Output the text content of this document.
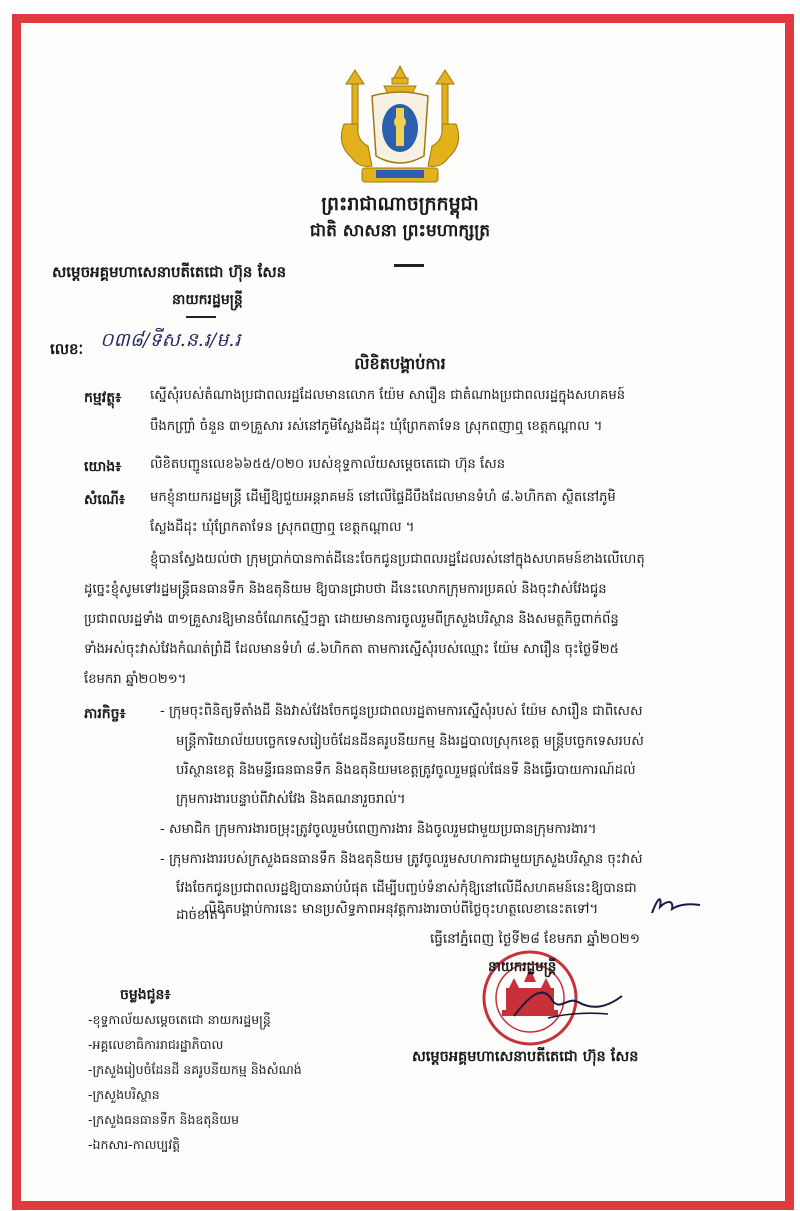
ព្រះរាជាណាចក្រកម្ពុជា
ជាតិ សាសនា ព្រះមហាក្សត្រ
សម្តេចអគ្គមហាសេនាបតីតេជោ ហ៊ុន សែន
នាយករដ្ឋមន្ត្រី
លេខៈ ០៣៨/ទីស.ន.រ/ម.រ
លិខិតបង្គាប់ការ
កម្មវត្ថុ៖ ស្នើសុំរបស់តំណាងប្រជាពលរដ្ឋដែលមានលោក យ៉ែម សារឿន ជាតំណាងប្រជាពលរដ្ឋក្នុងសហគមន៍
បឹងកញ្ច្រាំ ចំនួន ៣១គ្រួសារ រស់នៅភូមិស្លែងដីដុះ ឃុំព្រែកតាទែន ស្រុកពញាឮ ខេត្តកណ្តាល ។
យោង៖ លិខិតបញ្ជូនលេខ៦៦៥៥/០២០ របស់ខុទ្ទកាល័យសម្តេចតេជោ ហ៊ុន សែន
សំណើ៖ មកខ្ញុំនាយករដ្ឋមន្ត្រី ដើម្បីឱ្យជួយអន្តរាគមន៍ នៅលើផ្ទៃដីបឹងដែលមានទំហំ ៨.៦ហិកតា ស្ថិតនៅភូមិ
ស្លែងដីដុះ ឃុំព្រែកតាទែន ស្រុកពញាឮ ខេត្តកណ្តាល ។
ខ្ញុំបានស្វែងយល់ថា ក្រុមប្រាក់បានកាត់ដីនេះចែកជូនប្រជាពលរដ្ឋដែលរស់នៅក្នុងសហគមន៍ខាងលើហេតុ
ដូច្នេះខ្ញុំសូមទៅរដ្ឋមន្ត្រីធនធានទឹក និងឧតុនិយម ឱ្យបានជ្រាបថា ដីនេះលោកក្រុមការប្រគល់ និងចុះវាស់វែងជូន
ប្រជាពលរដ្ឋទាំង ៣១គ្រួសារឱ្យមានចំណែកស្មើៗគ្នា ដោយមានការចូលរួមពីក្រសួងបរិស្ថាន និងសមត្ថកិច្ចពាក់ព័ន្ធ
ទាំងអស់ចុះវាស់វែងកំណត់ព្រំដី ដែលមានទំហំ ៨.៦ហិកតា តាមការស្នើសុំរបស់ឈ្មោះ យ៉ែម សារឿន ចុះថ្ងៃទី២៥
ខែមករា ឆ្នាំ២០២១។
ភារកិច្ច៖	- ក្រុមចុះពិនិត្យទីតាំងដី និងវាស់វែងចែកជូនប្រជាពលរដ្ឋតាមការស្នើសុំរបស់ យ៉ែម សារឿន ជាពិសេស
មន្ត្រីការិយាល័យបច្ចេកទេសរៀបចំដែនដីនគរូបនីយកម្ម និងរដ្ឋបាលស្រុកខេត្ត មន្ត្រីបច្ចេកទេសរបស់
បរិស្ថានខេត្ត និងមន្ទីរធនធានទឹក និងឧតុនិយមខេត្តត្រូវចូលរួមផ្តល់ផែនទី និងធ្វើរបាយការណ៍ដល់
ក្រុមការងារបន្ទាប់ពីវាស់វែង និងគណនារួចរាល់។
- សមាជិក ក្រុមការងារចម្រុះត្រូវចូលរួមបំពេញការងារ និងចូលរួមជាមួយប្រធានក្រុមការងារ។
- ក្រុមការងាររបស់ក្រសួងធនធានទឹក និងឧតុនិយម ត្រូវចូលរួមសហការជាមួយក្រសួងបរិស្ថាន ចុះវាស់
វែងចែកជូនប្រជាពលរដ្ឋឱ្យបានឆាប់បំផុត ដើម្បីបញ្ចប់ទំនាស់កុំឱ្យនៅលើដីសហគមន៍នេះឱ្យបានជា
ដាច់ខាត។
លិខិតបង្គាប់ការនេះ មានប្រសិទ្ធភាពអនុវត្តការងារចាប់ពីថ្ងៃចុះហត្ថលេខានេះតទៅ។
ធ្វើនៅភ្នំពេញ ថ្ងៃទី២៨ ខែមករា ឆ្នាំ២០២១
នាយករដ្ឋមន្ត្រី
សម្តេចអគ្គមហាសេនាបតីតេជោ ហ៊ុន សែន
ចម្លងជូន៖
-ខុទ្ទកាល័យសម្តេចតេជោ នាយករដ្ឋមន្ត្រី
-អគ្គលេខាធិការរាជរដ្ឋាភិបាល
-ក្រសួងរៀបចំដែនដី នគរូបនីយកម្ម និងសំណង់
-ក្រសួងបរិស្ថាន
-ក្រសួងធនធានទឹក និងឧតុនិយម
-ឯកសារ-កាលប្បវត្តិ
